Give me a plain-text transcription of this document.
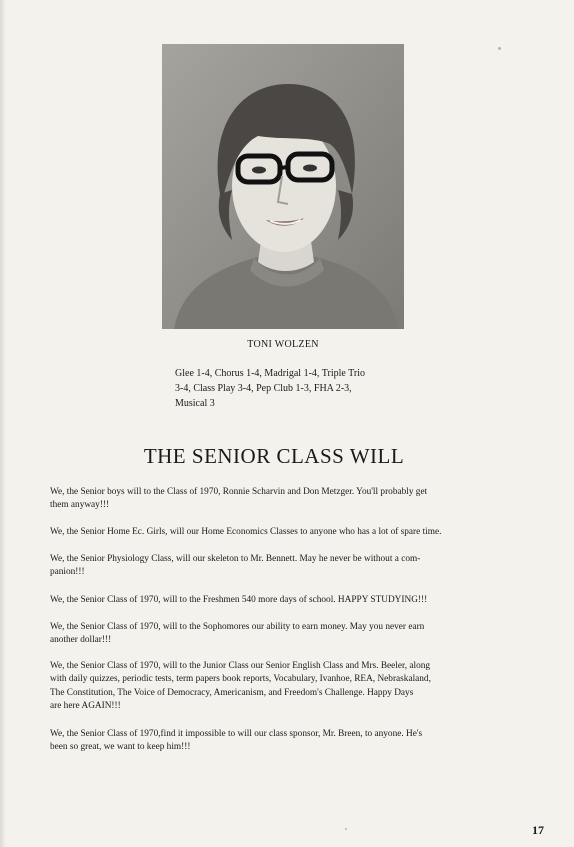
TONI WOLZEN
Glee 1-4, Chorus 1-4, Madrigal 1-4, Triple Trio
3-4, Class Play 3-4, Pep Club 1-3, FHA 2-3,
Musical 3
THE SENIOR CLASS WILL
We, the Senior boys will to the Class of 1970, Ronnie Scharvin and Don Metzger. You'll probably get
them anyway!!!
We, the Senior Home Ec. Girls, will our Home Economics Classes to anyone who has a lot of spare time.
We, the Senior Physiology Class, will our skeleton to Mr. Bennett. May he never be without a com-
panion!!!
We, the Senior Class of 1970, will to the Freshmen 540 more days of school. HAPPY STUDYING!!!
We, the Senior Class of 1970, will to the Sophomores our ability to earn money. May you never earn
another dollar!!!
We, the Senior Class of 1970, will to the Junior Class our Senior English Class and Mrs. Beeler, along
with daily quizzes, periodic tests, term papers book reports, Vocabulary, Ivanhoe, REA, Nebraskaland,
The Constitution, The Voice of Democracy, Americanism, and Freedom's Challenge. Happy Days
are here AGAIN!!!
We, the Senior Class of 1970,find it impossible to will our class sponsor, Mr. Breen, to anyone. He's
been so great, we want to keep him!!!
17
